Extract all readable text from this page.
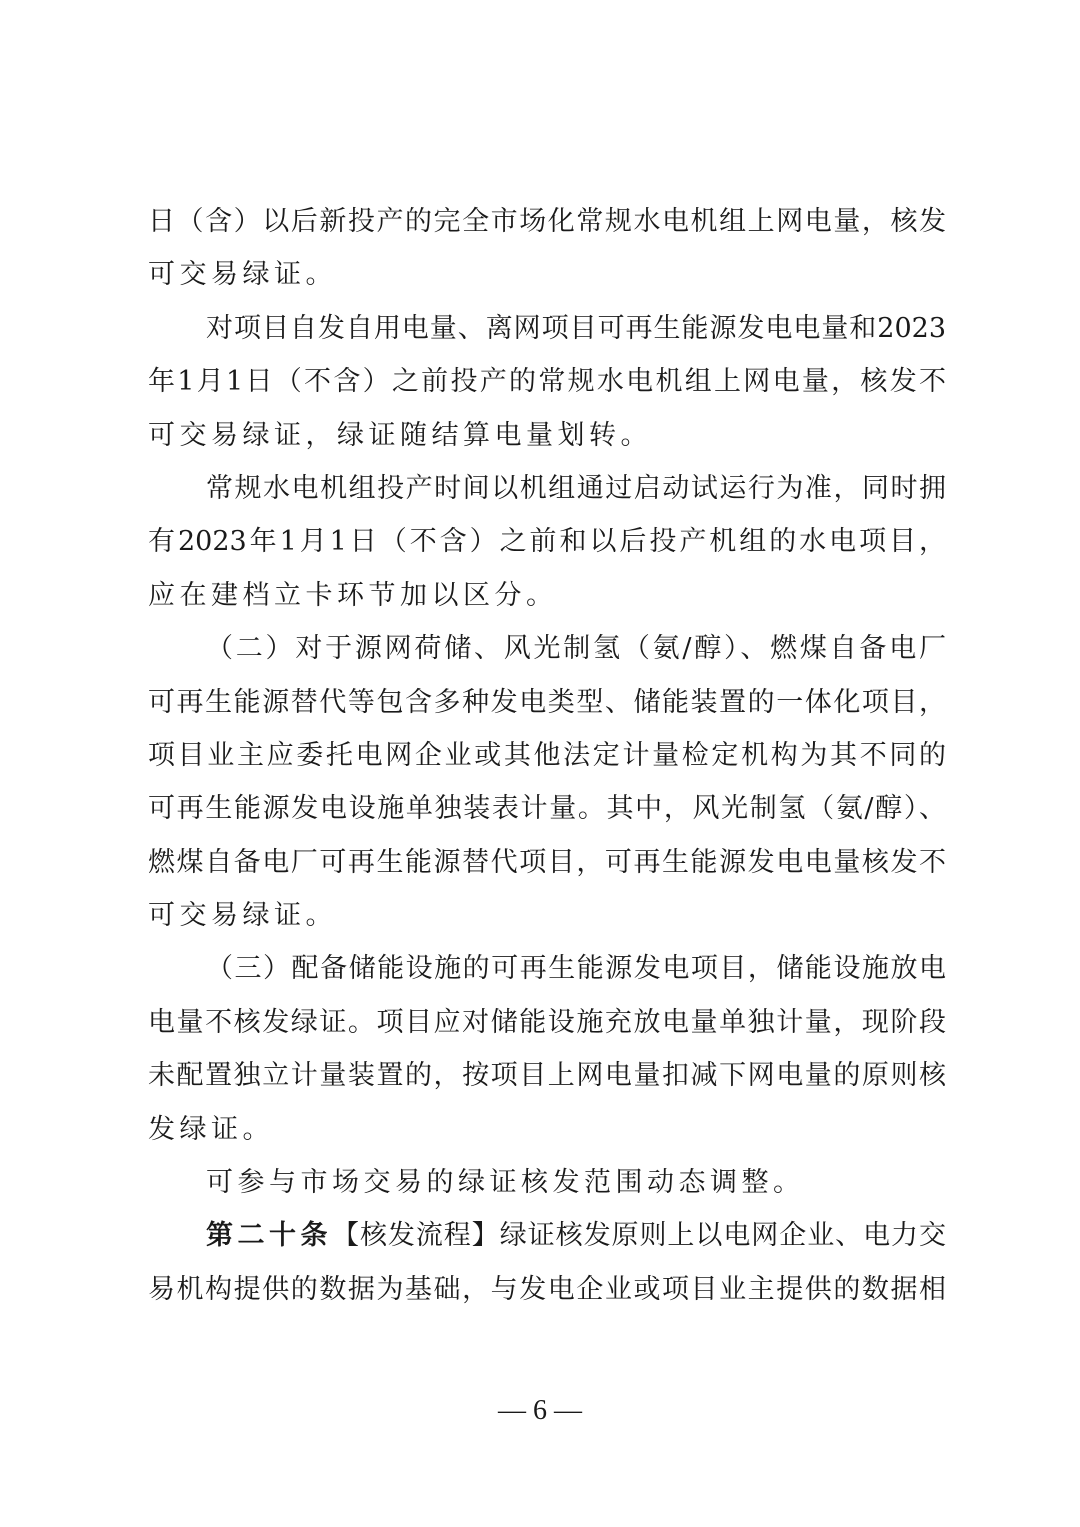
日（含）以后新投产的完全市场化常规水电机组上网电量，核发
可交易绿证。
对项目自发自用电量、离网项目可再生能源发电电量和2023
年1月1日（不含）之前投产的常规水电机组上网电量，核发不
可交易绿证，绿证随结算电量划转。
常规水电机组投产时间以机组通过启动试运行为准，同时拥
有2023年1月1日（不含）之前和以后投产机组的水电项目，
应在建档立卡环节加以区分。
（二）对于源网荷储、风光制氢（氨/醇）、燃煤自备电厂
可再生能源替代等包含多种发电类型、储能装置的一体化项目，
项目业主应委托电网企业或其他法定计量检定机构为其不同的
可再生能源发电设施单独装表计量。其中，风光制氢（氨/醇）、
燃煤自备电厂可再生能源替代项目，可再生能源发电电量核发不
可交易绿证。
（三）配备储能设施的可再生能源发电项目，储能设施放电
电量不核发绿证。项目应对储能设施充放电量单独计量，现阶段
未配置独立计量装置的，按项目上网电量扣减下网电量的原则核
发绿证。
可参与市场交易的绿证核发范围动态调整。
第二十条 【核发流程】绿证核发原则上以电网企业、电力交
易机构提供的数据为基础，与发电企业或项目业主提供的数据相
— 6 —
